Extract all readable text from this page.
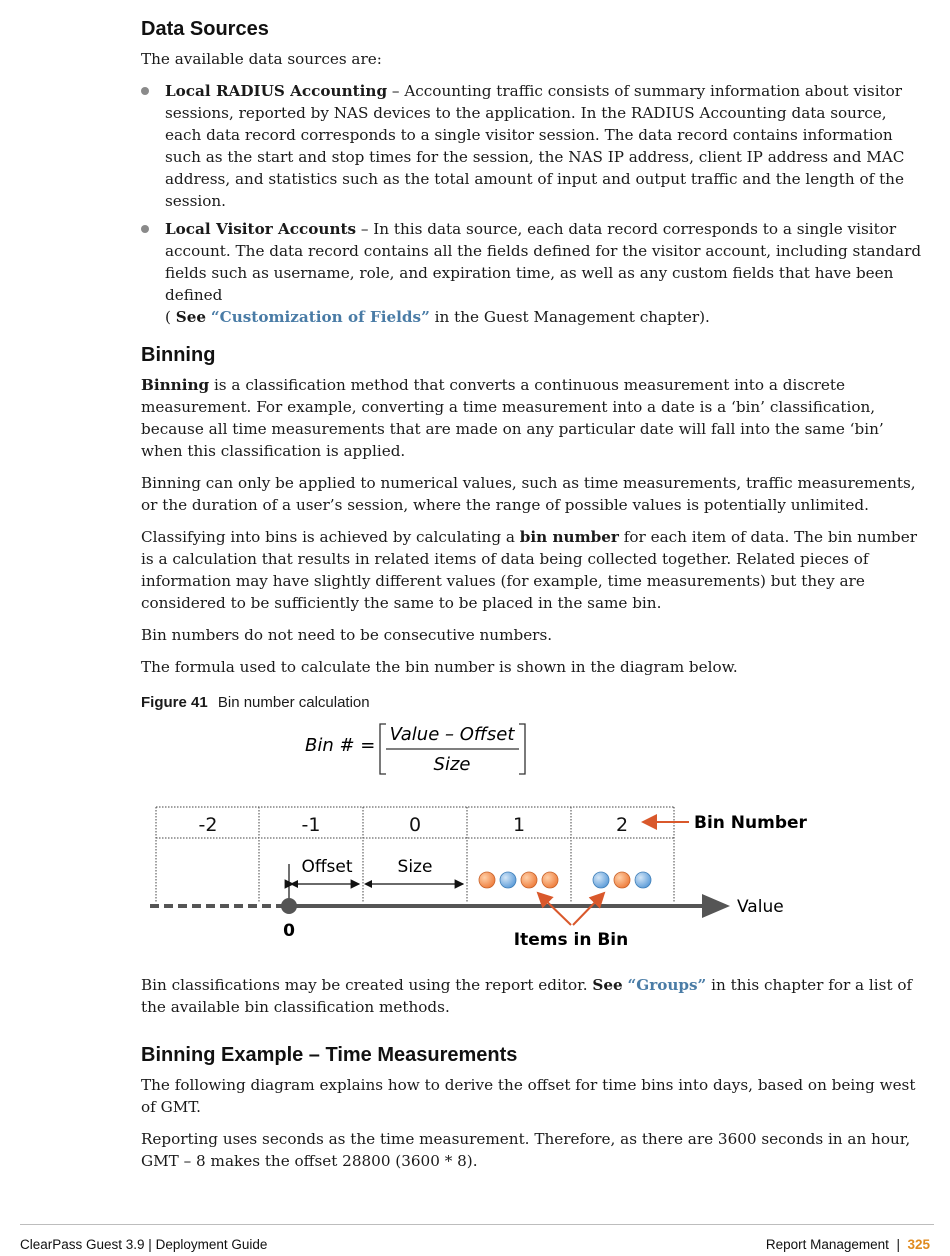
Data Sources

The available data sources are:

Local RADIUS Accounting – Accounting traffic consists of summary information about visitor sessions, reported by NAS devices to the application. In the RADIUS Accounting data source, each data record corresponds to a single visitor session. The data record contains information such as the start and stop times for the session, the NAS IP address, client IP address and MAC address, and statistics such as the total amount of input and output traffic and the length of the session.
Local Visitor Accounts – In this data source, each data record corresponds to a single visitor account. The data record contains all the fields defined for the visitor account, including standard fields such as username, role, and expiration time, as well as any custom fields that have been defined
( See “Customization of Fields” in the Guest Management chapter).
Binning

Binning is a classification method that converts a continuous measurement into a discrete measurement. For example, converting a time measurement into a date is a ‘bin’ classification, because all time measurements that are made on any particular date will fall into the same ‘bin’ when this classification is applied.

Binning can only be applied to numerical values, such as time measurements, traffic measurements, or the duration of a user’s session, where the range of possible values is potentially unlimited.

Classifying into bins is achieved by calculating a bin number for each item of data. The bin number is a calculation that results in related items of data being collected together. Related pieces of information may have slightly different values (for example, time measurements) but they are considered to be sufficiently the same to be placed in the same bin.

Bin numbers do not need to be consecutive numbers.

The formula used to calculate the bin number is shown in the diagram below.

Figure 41 Bin number calculation
Bin # =
Value – Offset
Size
-2	-1	0	1	2	Bin Number
Offset	Size
0
Value
Items in Bin

Bin classifications may be created using the report editor. See “Groups” in this chapter for a list of the available bin classification methods.

Binning Example – Time Measurements

The following diagram explains how to derive the offset for time bins into days, based on being west of GMT.

Reporting uses seconds as the time measurement. Therefore, as there are 3600 seconds in an hour, GMT – 8 makes the offset 28800 (3600 * 8).

ClearPass Guest 3.9 | Deployment Guide	Report Management | 325
